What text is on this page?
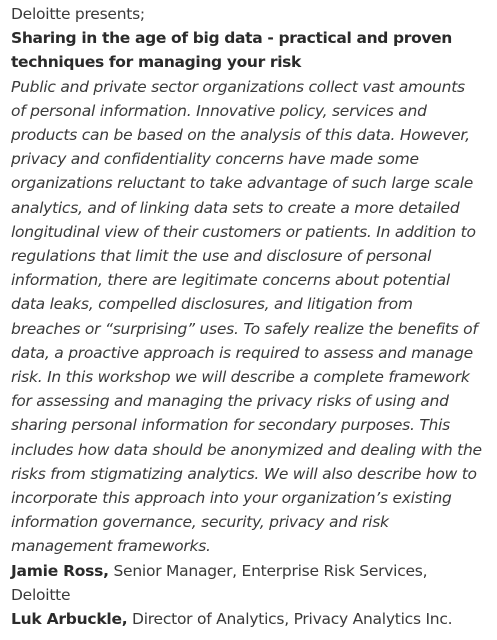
Deloitte presents;
Sharing in the age of big data - practical and proven
techniques for managing your risk
Public and private sector organizations collect vast amounts
of personal information. Innovative policy, services and
products can be based on the analysis of this data. However,
privacy and confidentiality concerns have made some
organizations reluctant to take advantage of such large scale
analytics, and of linking data sets to create a more detailed
longitudinal view of their customers or patients. In addition to
regulations that limit the use and disclosure of personal
information, there are legitimate concerns about potential
data leaks, compelled disclosures, and litigation from
breaches or “surprising” uses. To safely realize the benefits of
data, a proactive approach is required to assess and manage
risk. In this workshop we will describe a complete framework
for assessing and managing the privacy risks of using and
sharing personal information for secondary purposes. This
includes how data should be anonymized and dealing with the
risks from stigmatizing analytics. We will also describe how to
incorporate this approach into your organization’s existing
information governance, security, privacy and risk
management frameworks.
Jamie Ross, Senior Manager, Enterprise Risk Services,
Deloitte
Luk Arbuckle, Director of Analytics, Privacy Analytics Inc.
